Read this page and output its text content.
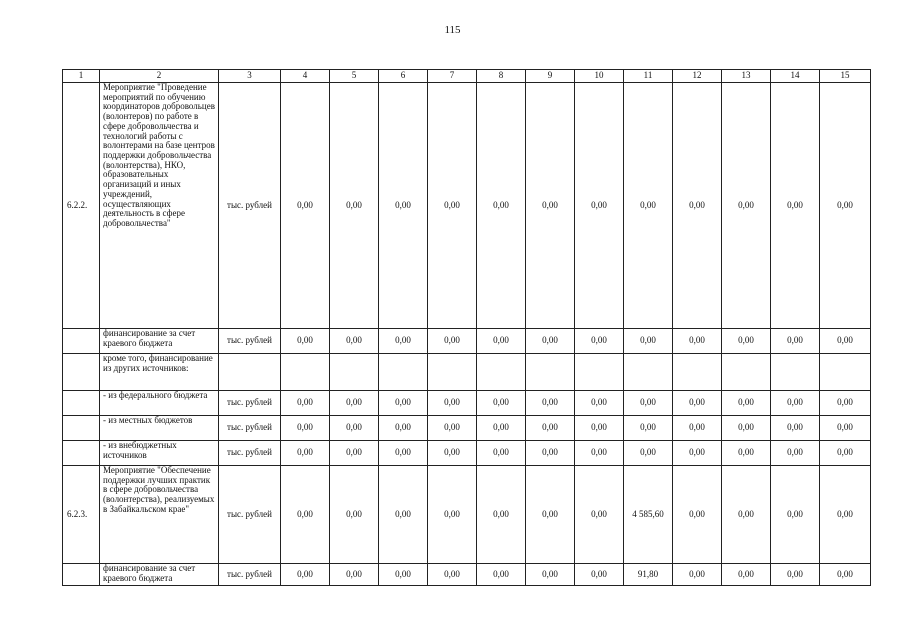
115
1	2	3	4	5	6	7	8	9	10	11	12	13	14	15
6.2.2.	Мероприятие "Проведение мероприятий по обучению координаторов добровольцев (волонтеров) по работе в сфере добровольчества и технологий работы с волонтерами на базе центров поддержки добровольчества (волонтерства), НКО, образовательных организаций и иных учреждений, осуществляющих деятельность в сфере добровольчества"	тыс. рублей	0,00	0,00	0,00	0,00	0,00	0,00	0,00	0,00	0,00	0,00	0,00	0,00
	финансирование за счет краевого бюджета	тыс. рублей	0,00	0,00	0,00	0,00	0,00	0,00	0,00	0,00	0,00	0,00	0,00	0,00
	кроме того, финансирование из других источников:													
	- из федерального бюджета	тыс. рублей	0,00	0,00	0,00	0,00	0,00	0,00	0,00	0,00	0,00	0,00	0,00	0,00
	- из местных бюджетов	тыс. рублей	0,00	0,00	0,00	0,00	0,00	0,00	0,00	0,00	0,00	0,00	0,00	0,00
	- из внебюджетных источников	тыс. рублей	0,00	0,00	0,00	0,00	0,00	0,00	0,00	0,00	0,00	0,00	0,00	0,00
6.2.3.	Мероприятие "Обеспечение поддержки лучших практик в сфере добровольчества (волонтерства), реализуемых в Забайкальском крае"	тыс. рублей	0,00	0,00	0,00	0,00	0,00	0,00	0,00	4 585,60	0,00	0,00	0,00	0,00
	финансирование за счет краевого бюджета	тыс. рублей	0,00	0,00	0,00	0,00	0,00	0,00	0,00	91,80	0,00	0,00	0,00	0,00
